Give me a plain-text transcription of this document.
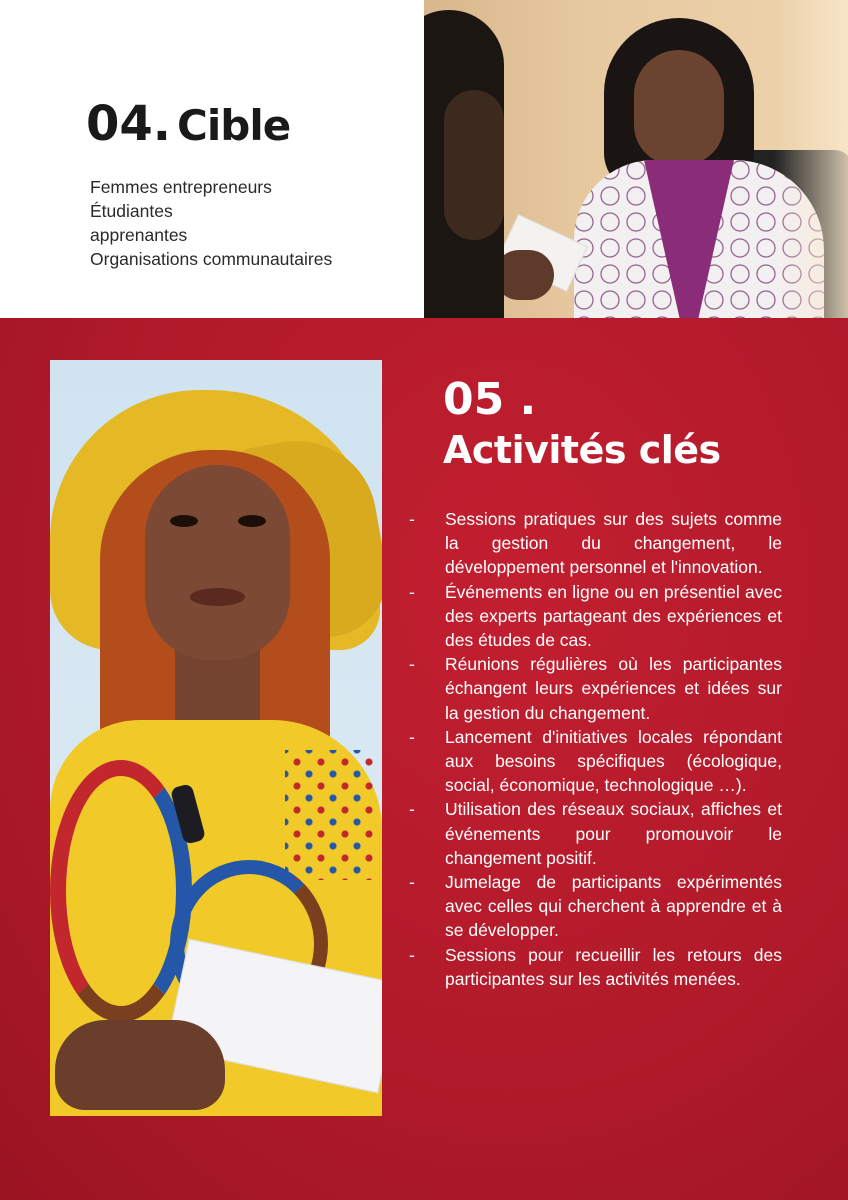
04. Cible
Femmes entrepreneurs
Étudiantes
apprenantes
Organisations communautaires
05 .
Activités clés
- Sessions pratiques sur des sujets comme la gestion du changement, le développement personnel et l'innovation.
- Événements en ligne ou en présentiel avec des experts partageant des expériences et des études de cas.
- Réunions régulières où les participantes échangent leurs expériences et idées sur la gestion du changement.
- Lancement d'initiatives locales répondant aux besoins spécifiques (écologique, social, économique, technologique …).
- Utilisation des réseaux sociaux, affiches et événements pour promouvoir le changement positif.
- Jumelage de participants expérimentés avec celles qui cherchent à apprendre et à se développer.
- Sessions pour recueillir les retours des participantes sur les activités menées.
